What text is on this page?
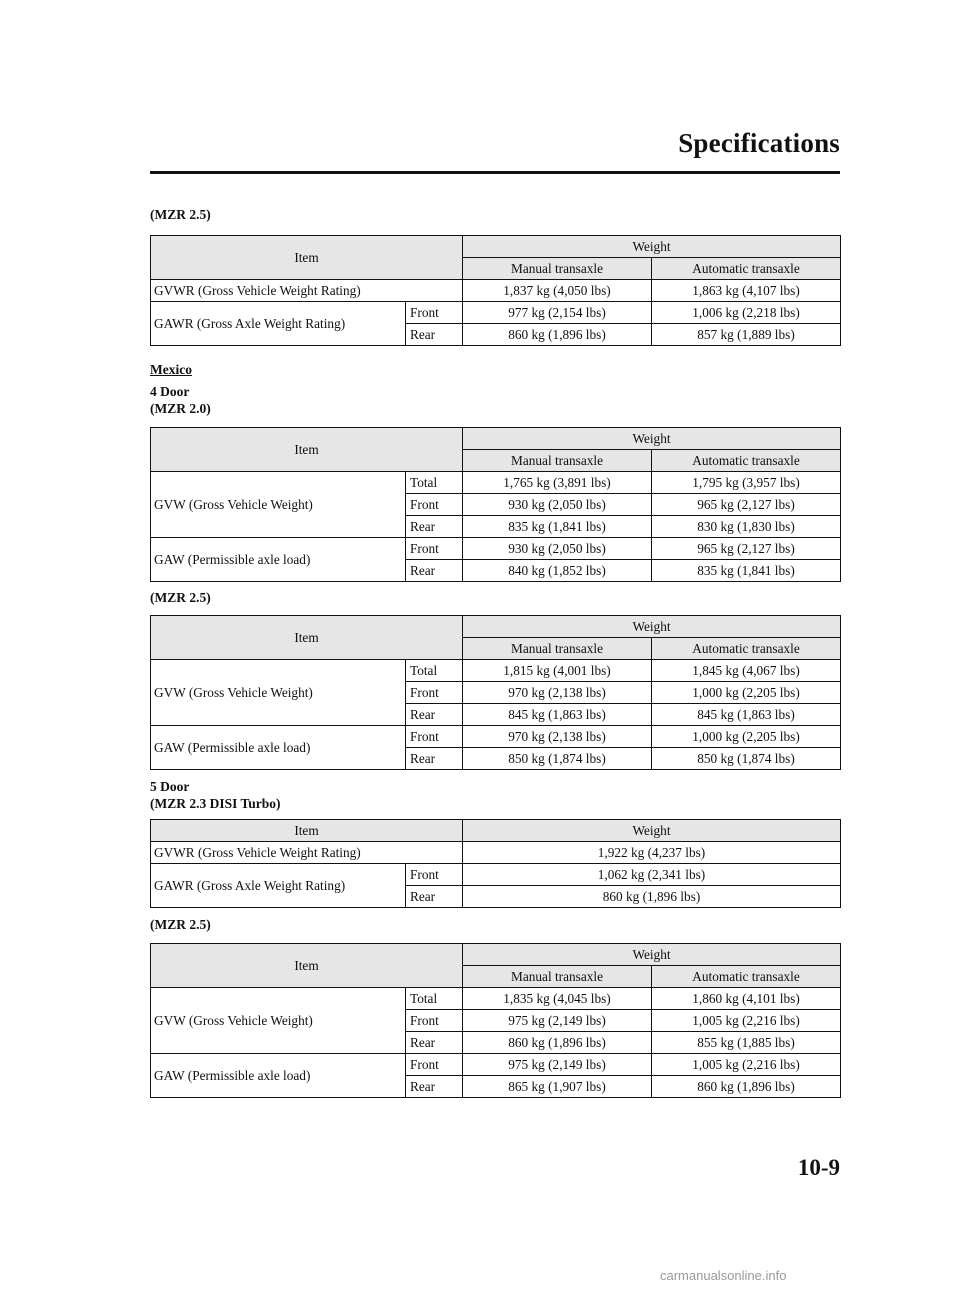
Specifications
(MZR 2.5)
Item		Weight	
		Manual transaxle	Automatic transaxle
GVWR (Gross Vehicle Weight Rating)		1,837 kg (4,050 lbs)	1,863 kg (4,107 lbs)
GAWR (Gross Axle Weight Rating)	Front	977 kg (2,154 lbs)	1,006 kg (2,218 lbs)
	Rear	860 kg (1,896 lbs)	857 kg (1,889 lbs)
Mexico
4 Door
(MZR 2.0)
Item		Weight	
		Manual transaxle	Automatic transaxle
GVW (Gross Vehicle Weight)	Total	1,765 kg (3,891 lbs)	1,795 kg (3,957 lbs)
	Front	930 kg (2,050 lbs)	965 kg (2,127 lbs)
	Rear	835 kg (1,841 lbs)	830 kg (1,830 lbs)
GAW (Permissible axle load)	Front	930 kg (2,050 lbs)	965 kg (2,127 lbs)
	Rear	840 kg (1,852 lbs)	835 kg (1,841 lbs)
(MZR 2.5)
Item		Weight	
		Manual transaxle	Automatic transaxle
GVW (Gross Vehicle Weight)	Total	1,815 kg (4,001 lbs)	1,845 kg (4,067 lbs)
	Front	970 kg (2,138 lbs)	1,000 kg (2,205 lbs)
	Rear	845 kg (1,863 lbs)	845 kg (1,863 lbs)
GAW (Permissible axle load)	Front	970 kg (2,138 lbs)	1,000 kg (2,205 lbs)
	Rear	850 kg (1,874 lbs)	850 kg (1,874 lbs)
5 Door
(MZR 2.3 DISI Turbo)
Item		Weight
GVWR (Gross Vehicle Weight Rating)		1,922 kg (4,237 lbs)
GAWR (Gross Axle Weight Rating)	Front	1,062 kg (2,341 lbs)
	Rear	860 kg (1,896 lbs)
(MZR 2.5)
Item		Weight	
		Manual transaxle	Automatic transaxle
GVW (Gross Vehicle Weight)	Total	1,835 kg (4,045 lbs)	1,860 kg (4,101 lbs)
	Front	975 kg (2,149 lbs)	1,005 kg (2,216 lbs)
	Rear	860 kg (1,896 lbs)	855 kg (1,885 lbs)
GAW (Permissible axle load)	Front	975 kg (2,149 lbs)	1,005 kg (2,216 lbs)
	Rear	865 kg (1,907 lbs)	860 kg (1,896 lbs)
10-9
carmanualsonline.info
